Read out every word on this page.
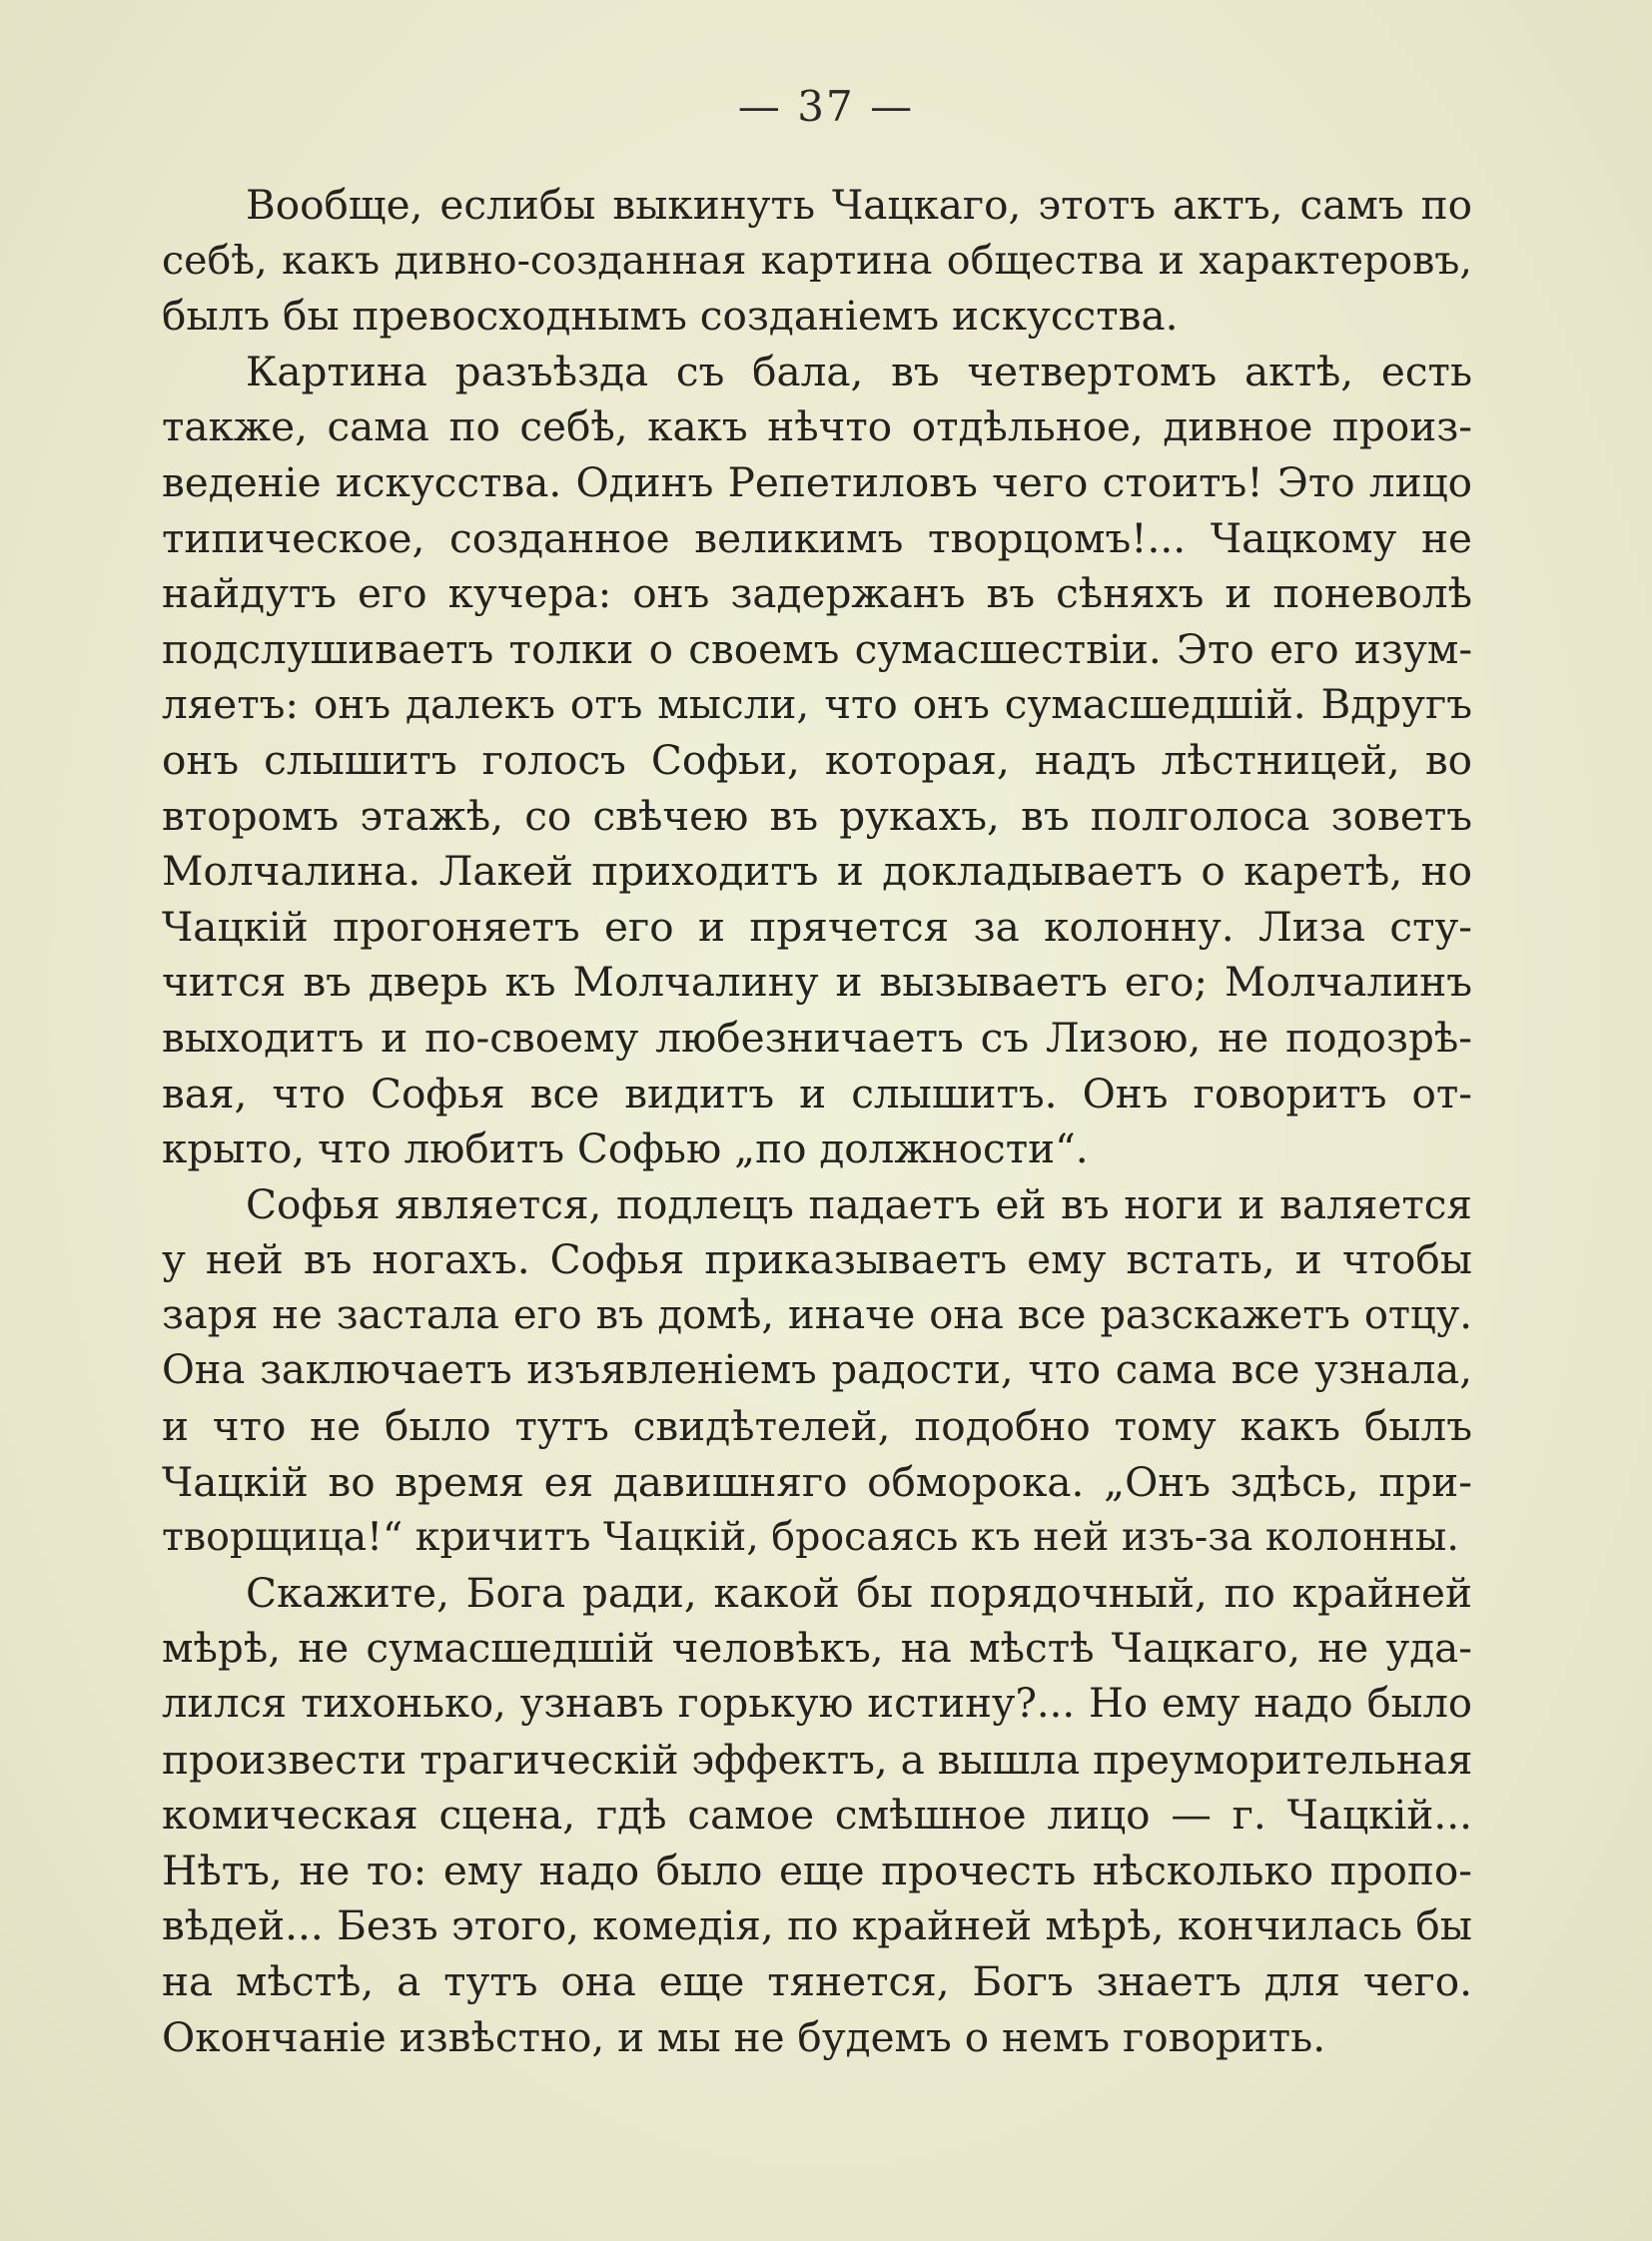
— 37 —
Вообще, еслибы выкинуть Чацкаго, этотъ актъ, самъ по
себѣ, какъ дивно-созданная картина общества и характеровъ,
былъ бы превосходнымъ созданіемъ искусства.
Картина разъѣзда съ бала, въ четвертомъ актѣ, есть
также, сама по себѣ, какъ нѣчто отдѣльное, дивное произ-
веденіе искусства. Одинъ Репетиловъ чего стоитъ! Это лицо
типическое, созданное великимъ творцомъ!... Чацкому не
найдутъ его кучера: онъ задержанъ въ сѣняхъ и поневолѣ
подслушиваетъ толки о своемъ сумасшествіи. Это его изум-
ляетъ: онъ далекъ отъ мысли, что онъ сумасшедшій. Вдругъ
онъ слышитъ голосъ Софьи, которая, надъ лѣстницей, во
второмъ этажѣ, со свѣчею въ рукахъ, въ полголоса зоветъ
Молчалина. Лакей приходитъ и докладываетъ о каретѣ, но
Чацкій прогоняетъ его и прячется за колонну. Лиза сту-
чится въ дверь къ Молчалину и вызываетъ его; Молчалинъ
выходитъ и по-своему любезничаетъ съ Лизою, не подозрѣ-
вая, что Софья все видитъ и слышитъ. Онъ говоритъ от-
крыто, что любитъ Софью „по должности“.
Софья является, подлецъ падаетъ ей въ ноги и валяется
у ней въ ногахъ. Софья приказываетъ ему встать, и чтобы
заря не застала его въ домѣ, иначе она все разскажетъ отцу.
Она заключаетъ изъявленіемъ радости, что сама все узнала,
и что не было тутъ свидѣтелей, подобно тому какъ былъ
Чацкій во время ея давишняго обморока. „Онъ здѣсь, при-
творщица!“ кричитъ Чацкій, бросаясь къ ней изъ-за колонны.
Скажите, Бога ради, какой бы порядочный, по крайней
мѣрѣ, не сумасшедшій человѣкъ, на мѣстѣ Чацкаго, не уда-
лился тихонько, узнавъ горькую истину?... Но ему надо было
произвести трагическій эффектъ, а вышла преуморительная
комическая сцена, гдѣ самое смѣшное лицо — г. Чацкій...
Нѣтъ, не то: ему надо было еще прочесть нѣсколько пропо-
вѣдей... Безъ этого, комедія, по крайней мѣрѣ, кончилась бы
на мѣстѣ, а тутъ она еще тянется, Богъ знаетъ для чего.
Окончаніе извѣстно, и мы не будемъ о немъ говорить.
